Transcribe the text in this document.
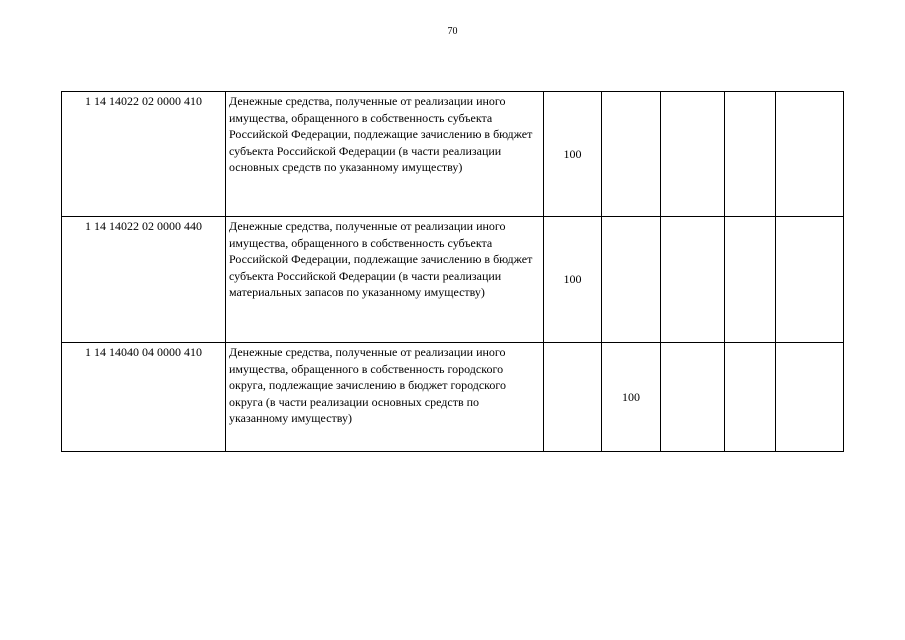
70
1 14 14022 02 0000 410	Денежные средства, полученные от реализации иного имущества, обращенного в собственность субъекта Российской Федерации, подлежащие зачислению в бюджет субъекта Российской Федерации (в части реализации основных средств по указанному имуществу)	100				
1 14 14022 02 0000 440	Денежные средства, полученные от реализации иного имущества, обращенного в собственность субъекта Российской Федерации, подлежащие зачислению в бюджет субъекта Российской Федерации (в части реализации материальных запасов по указанному имуществу)	100				
1 14 14040 04 0000 410	Денежные средства, полученные от реализации иного имущества, обращенного в собственность городского округа, подлежащие зачислению в бюджет городского округа (в части реализации основных средств по указанному имуществу)		100			
